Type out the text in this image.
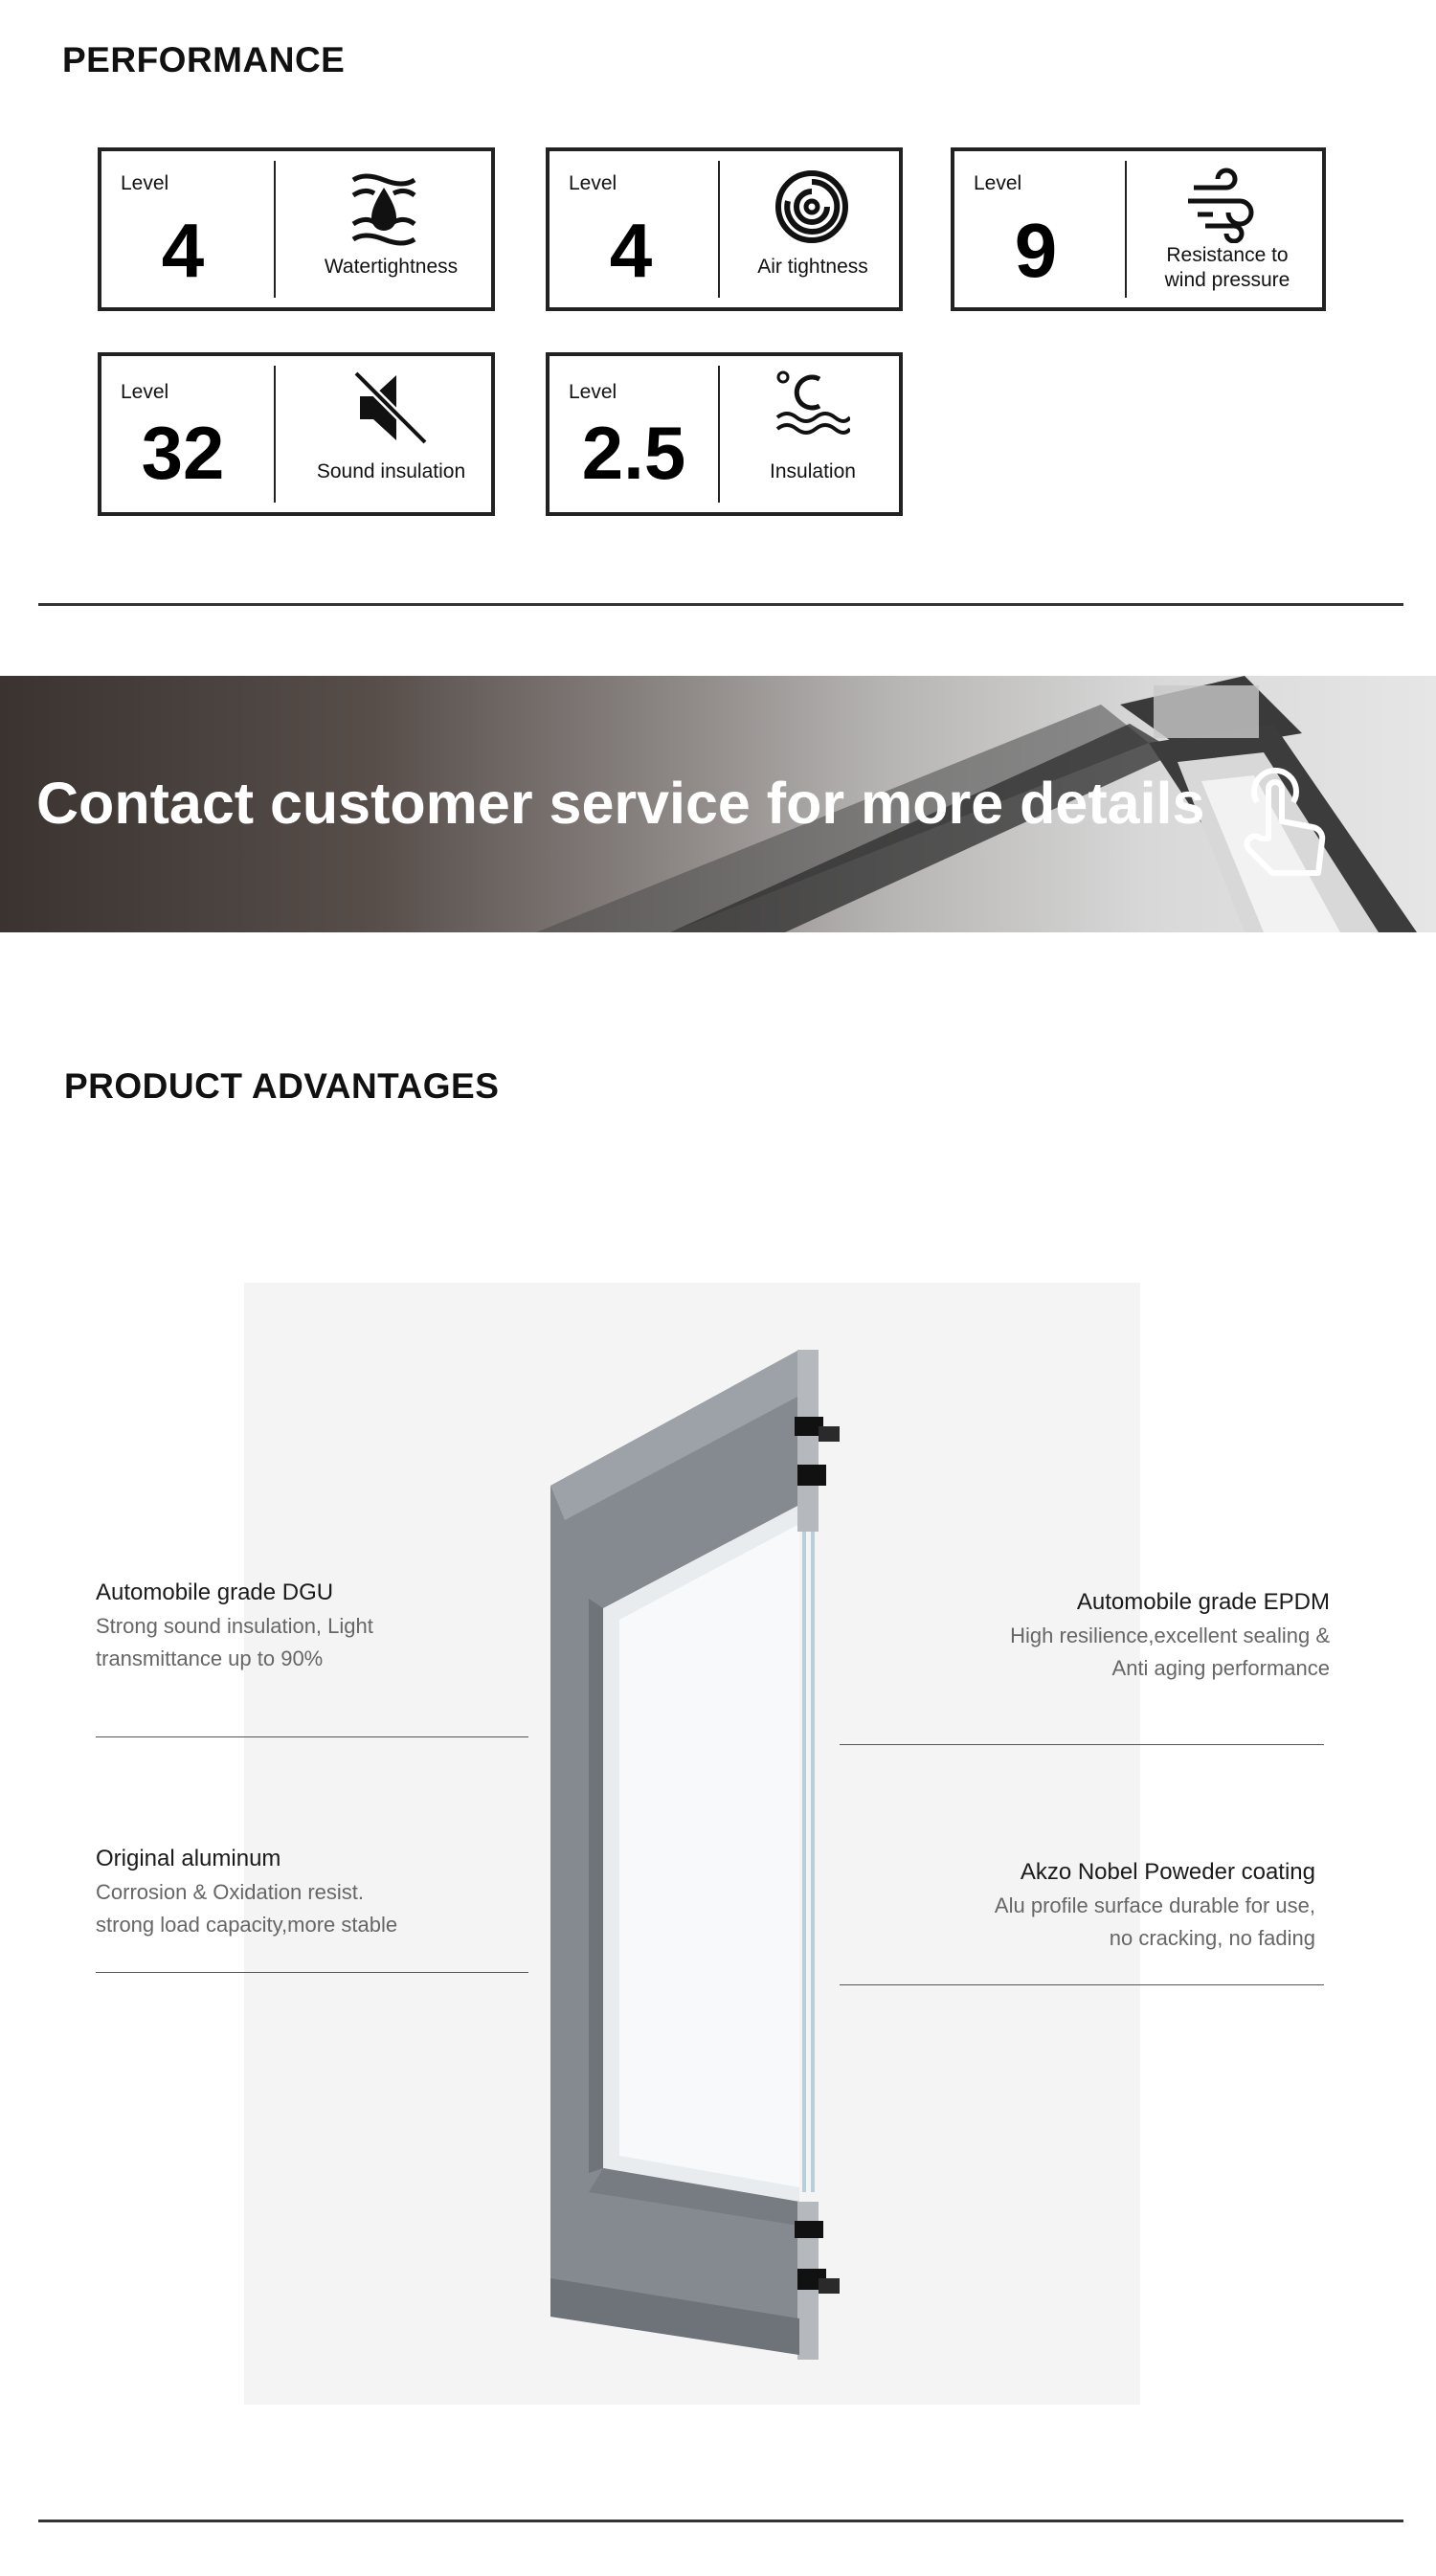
PERFORMANCE
Level
4	Watertightness
Level
4	Air tightness
Level
9	Resistance to
wind pressure
Level
32	Sound insulation
Level
2.5	Insulation
Contact customer service for more details
PRODUCT ADVANTAGES
Automobile grade DGU
Strong sound insulation, Light
transmittance up to 90%
Original aluminum
Corrosion & Oxidation resist.
strong load capacity,more stable
Automobile grade EPDM
High resilience,excellent sealing &
Anti aging performance
Akzo Nobel Poweder coating
Alu profile surface durable for use,
no cracking, no fading
